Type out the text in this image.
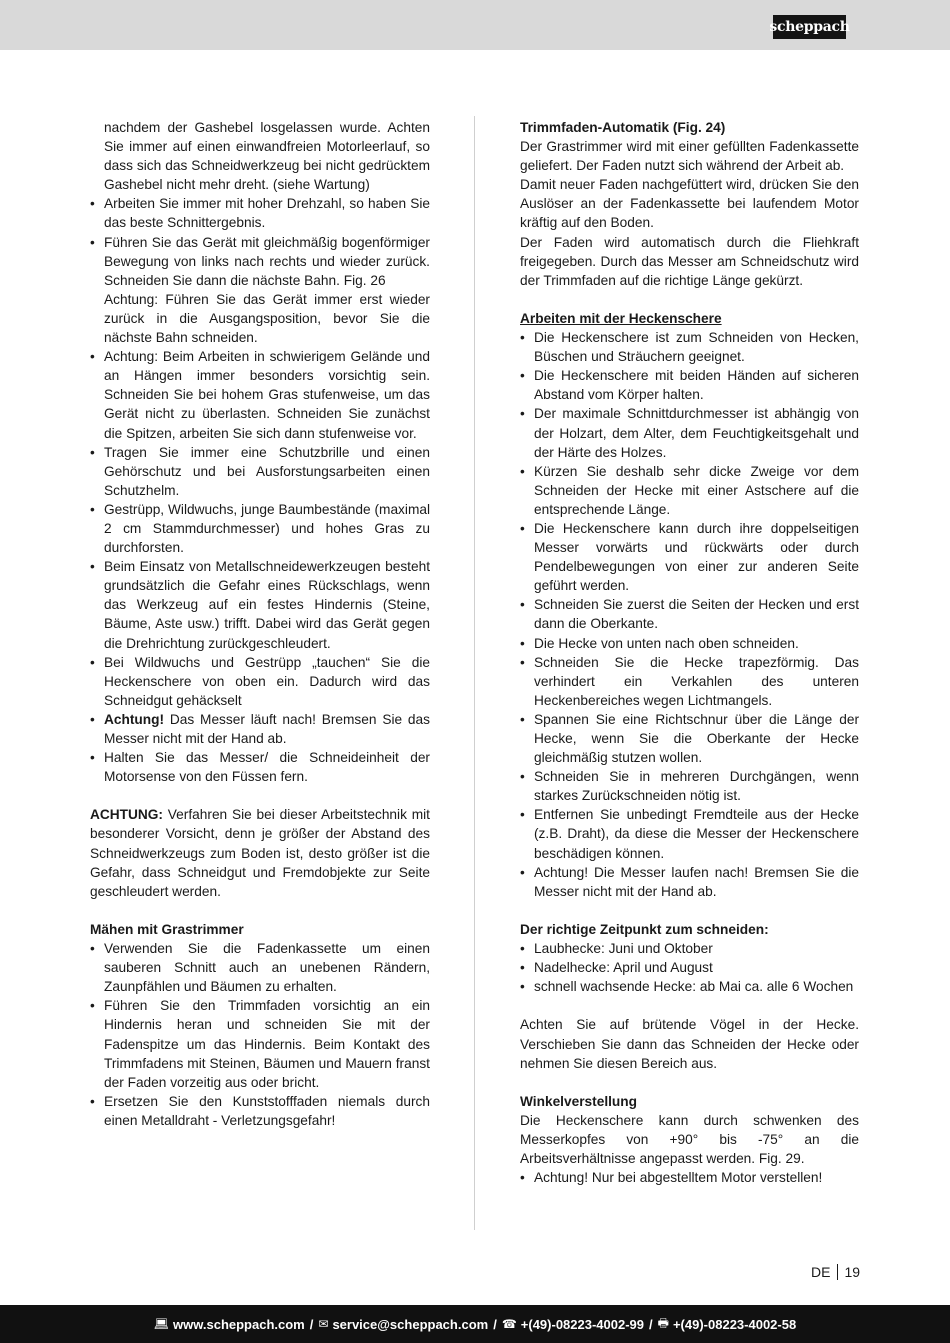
scheppach

nachdem der Gashebel losgelassen wurde. Achten Sie immer auf einen einwandfreien Motorleerlauf, so dass sich das Schneidwerkzeug bei nicht gedrücktem Gashebel nicht mehr dreht. (siehe Wartung)

• Arbeiten Sie immer mit hoher Drehzahl, so haben Sie das beste Schnittergebnis.
• Führen Sie das Gerät mit gleichmäßig bogenförmiger Bewegung von links nach rechts und wieder zurück. Schneiden Sie dann die nächste Bahn. Fig. 26
Achtung: Führen Sie das Gerät immer erst wieder zurück in die Ausgangsposition, bevor Sie die nächste Bahn schneiden.
• Achtung: Beim Arbeiten in schwierigem Gelände und an Hängen immer besonders vorsichtig sein. Schneiden Sie bei hohem Gras stufenweise, um das Gerät nicht zu überlasten. Schneiden Sie zunächst die Spitzen, arbeiten Sie sich dann stufenweise vor.
• Tragen Sie immer eine Schutzbrille und einen Gehörschutz und bei Ausforstungsarbeiten einen Schutzhelm.
• Gestrüpp, Wildwuchs, junge Baumbestände (maximal 2 cm Stammdurchmesser) und hohes Gras zu durchforsten.
• Beim Einsatz von Metallschneidewerkzeugen besteht grundsätzlich die Gefahr eines Rückschlags, wenn das Werkzeug auf ein festes Hindernis (Steine, Bäume, Aste usw.) trifft. Dabei wird das Gerät gegen die Drehrichtung zurückgeschleudert.
• Bei Wildwuchs und Gestrüpp „tauchen“ Sie die Heckenschere von oben ein. Dadurch wird das Schneidgut gehäckselt
• Achtung! Das Messer läuft nach! Bremsen Sie das Messer nicht mit der Hand ab.
• Halten Sie das Messer/ die Schneideinheit der Motorsense von den Füssen fern.

ACHTUNG: Verfahren Sie bei dieser Arbeitstechnik mit besonderer Vorsicht, denn je größer der Abstand des Schneidwerkzeugs zum Boden ist, desto größer ist die Gefahr, dass Schneidgut und Fremdobjekte zur Seite geschleudert werden.

Mähen mit Grastrimmer

• Verwenden Sie die Fadenkassette um einen sauberen Schnitt auch an unebenen Rändern, Zaunpfählen und Bäumen zu erhalten.
• Führen Sie den Trimmfaden vorsichtig an ein Hindernis heran und schneiden Sie mit der Fadenspitze um das Hindernis. Beim Kontakt des Trimmfadens mit Steinen, Bäumen und Mauern franst der Faden vorzeitig aus oder bricht.
• Ersetzen Sie den Kunststofffaden niemals durch einen Metalldraht - Verletzungsgefahr!

Trimmfaden-Automatik (Fig. 24)

Der Grastrimmer wird mit einer gefüllten Fadenkassette geliefert. Der Faden nutzt sich während der Arbeit ab.

Damit neuer Faden nachgefüttert wird, drücken Sie den Auslöser an der Fadenkassette bei laufendem Motor kräftig auf den Boden.

Der Faden wird automatisch durch die Fliehkraft freigegeben. Durch das Messer am Schneidschutz wird der Trimmfaden auf die richtige Länge gekürzt.

Arbeiten mit der Heckenschere

• Die Heckenschere ist zum Schneiden von Hecken, Büschen und Sträuchern geeignet.
• Die Heckenschere mit beiden Händen auf sicheren Abstand vom Körper halten.
• Der maximale Schnittdurchmesser ist abhängig von der Holzart, dem Alter, dem Feuchtigkeitsgehalt und der Härte des Holzes.
• Kürzen Sie deshalb sehr dicke Zweige vor dem Schneiden der Hecke mit einer Astschere auf die entsprechende Länge.
• Die Heckenschere kann durch ihre doppelseitigen Messer vorwärts und rückwärts oder durch Pendelbewegungen von einer zur anderen Seite geführt werden.
• Schneiden Sie zuerst die Seiten der Hecken und erst dann die Oberkante.
• Die Hecke von unten nach oben schneiden.
• Schneiden Sie die Hecke trapezförmig. Das verhindert ein Verkahlen des unteren Heckenbereiches wegen Lichtmangels.
• Spannen Sie eine Richtschnur über die Länge der Hecke, wenn Sie die Oberkante der Hecke gleichmäßig stutzen wollen.
• Schneiden Sie in mehreren Durchgängen, wenn starkes Zurückschneiden nötig ist.
• Entfernen Sie unbedingt Fremdteile aus der Hecke (z.B. Draht), da diese die Messer der Heckenschere beschädigen können.
• Achtung! Die Messer laufen nach! Bremsen Sie die Messer nicht mit der Hand ab.

Der richtige Zeitpunkt zum schneiden:

• Laubhecke: Juni und Oktober
• Nadelhecke: April und August
• schnell wachsende Hecke: ab Mai ca. alle 6 Wochen

Achten Sie auf brütende Vögel in der Hecke. Verschieben Sie dann das Schneiden der Hecke oder nehmen Sie diesen Bereich aus.

Winkelverstellung

Die Heckenschere kann durch schwenken des Messerkopfes von +90° bis -75° an die Arbeitsverhältnisse angepasst werden. Fig. 29.

• Achtung! Nur bei abgestelltem Motor verstellen!
DE 19
💻︎ www.scheppach.com / ✉︎ service@scheppach.com / ☎︎ +(49)-08223-4002-99 / 🖶︎ +(49)-08223-4002-58
